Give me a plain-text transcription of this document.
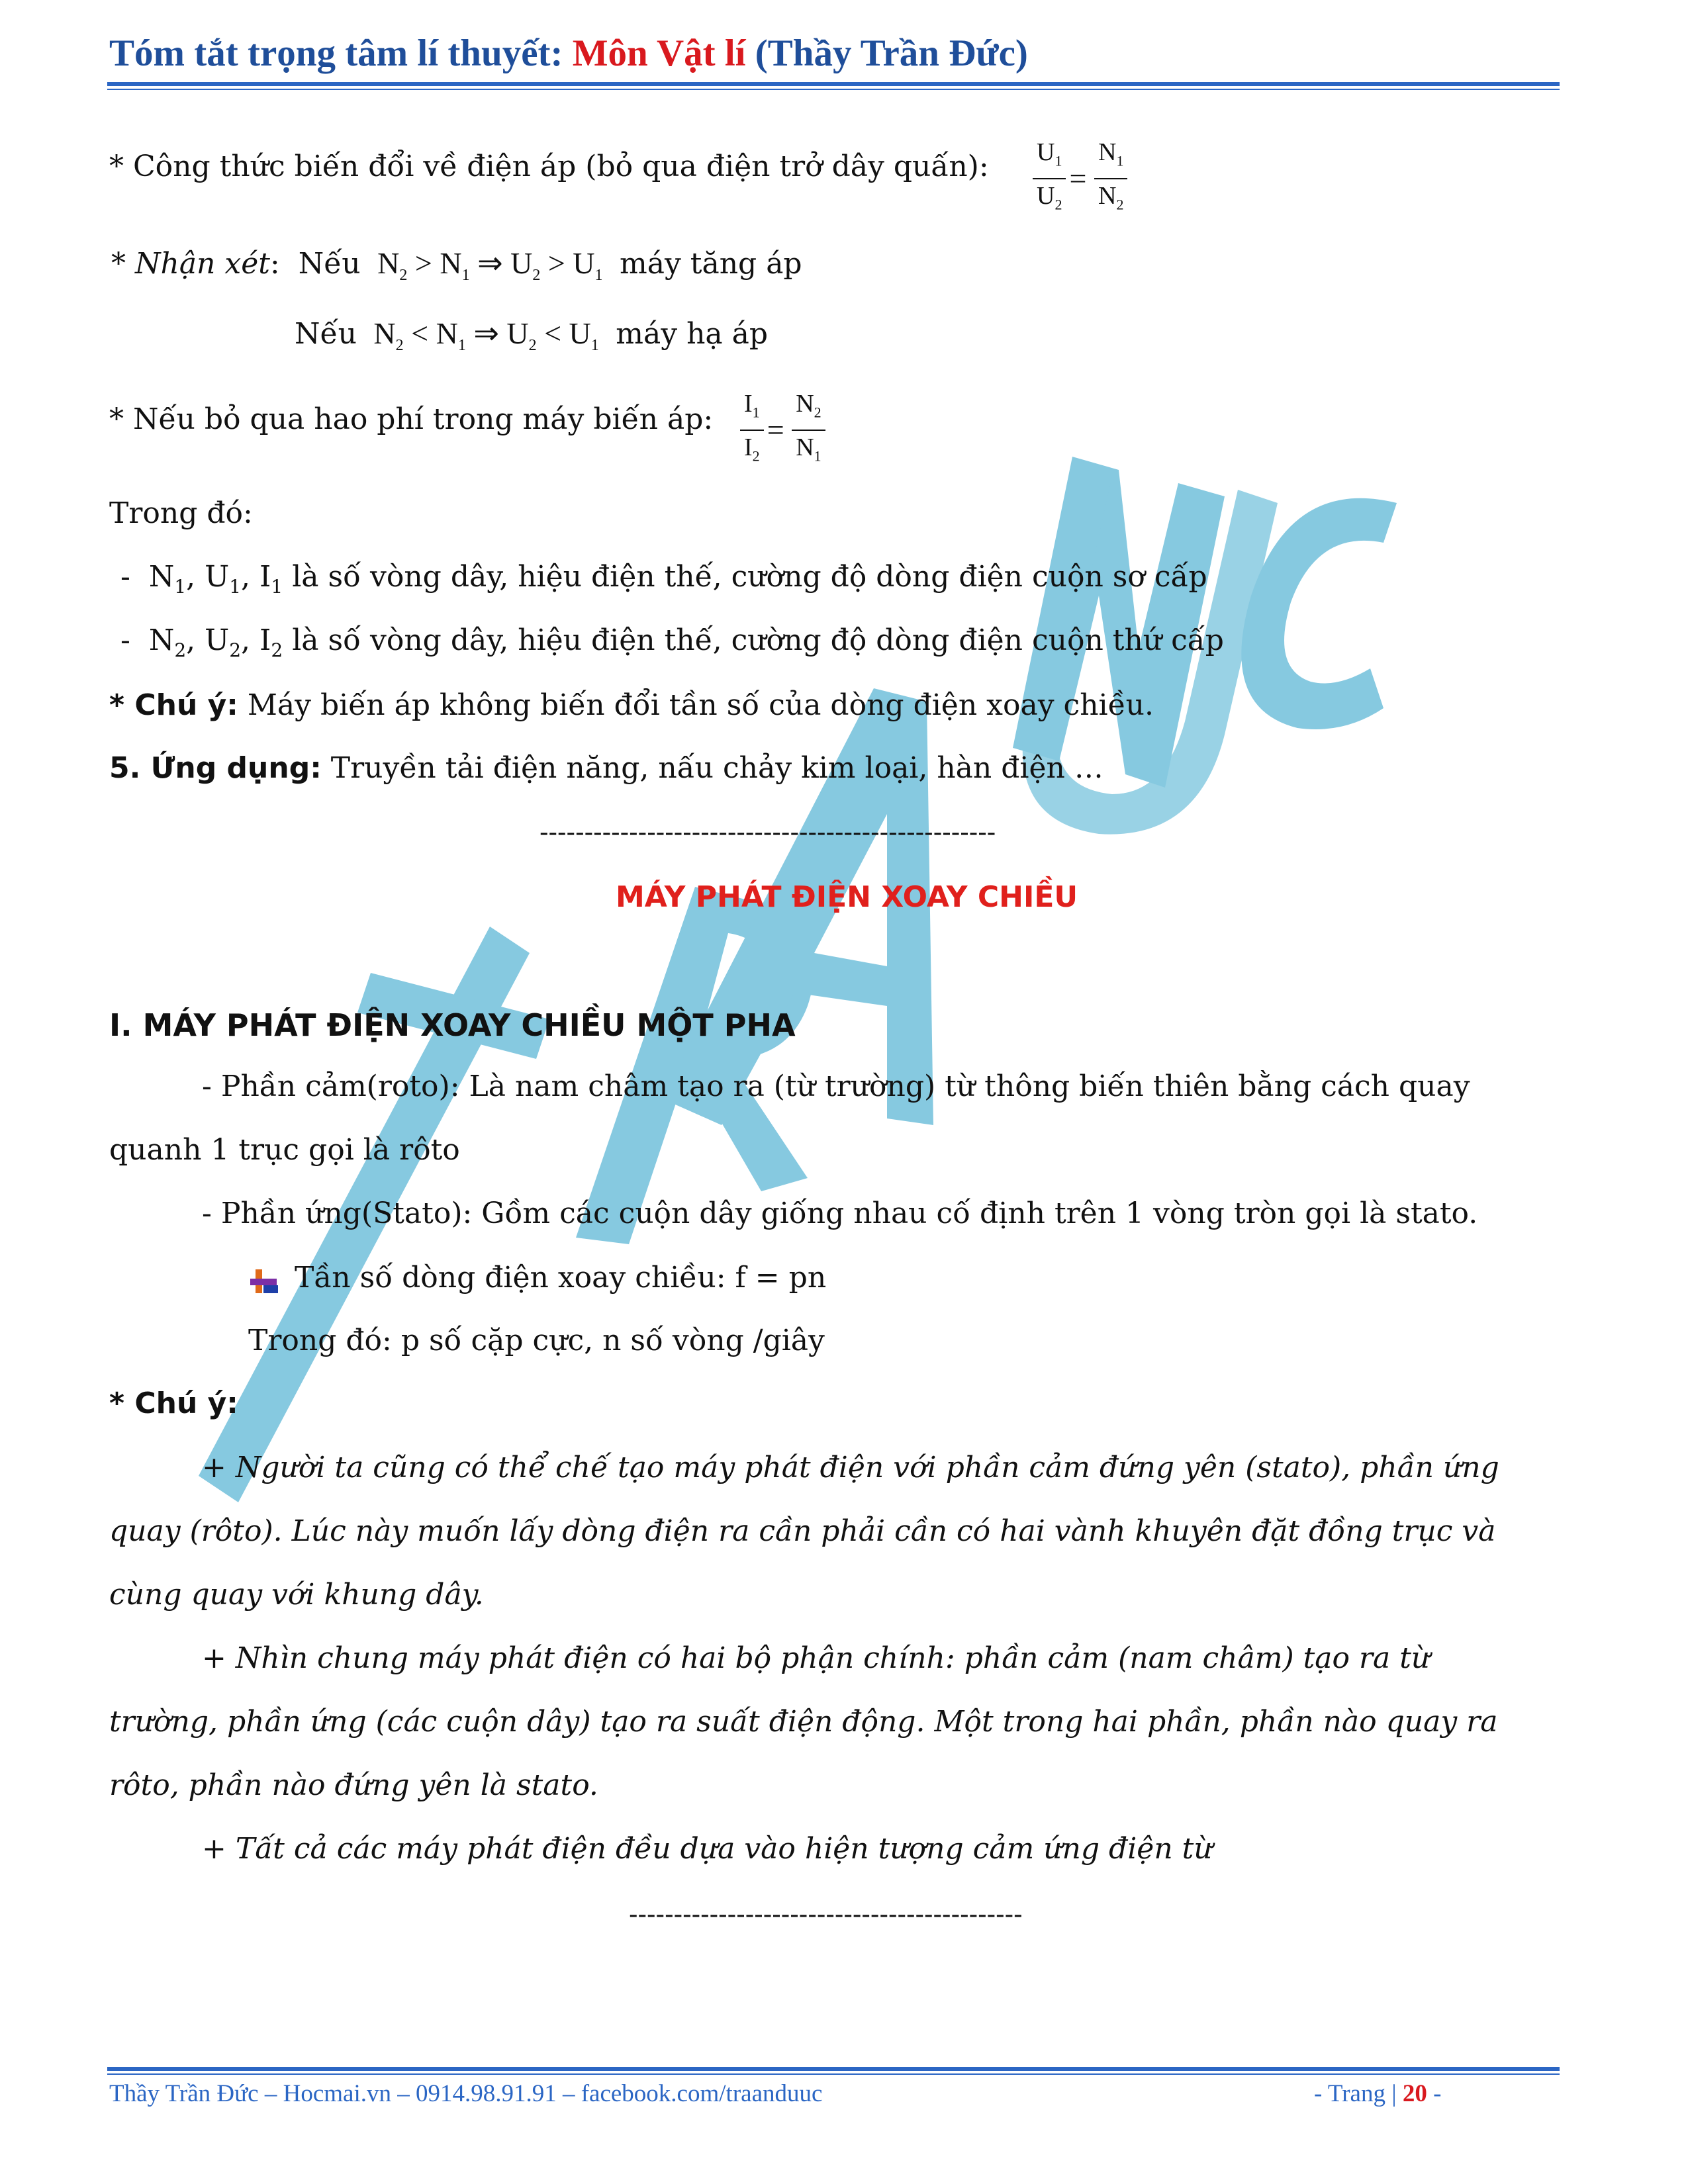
Tóm tắt trọng tâm lí thuyết: Môn Vật lí (Thầy Trần Đức)
* Công thức biến đổi về điện áp (bỏ qua điện trở dây quấn): $\frac{U_1}{U_2} = \frac{N_1}{N_2}$
* Nhận xét: Nếu  $N_2 > N_1$ ⇒ $U_2 > U_1$ máy tăng áp
Nếu  $N_2 < N_1$ ⇒ $U_2 < U_1$ máy hạ áp
* Nếu bỏ qua hao phí trong máy biến áp: $\frac{I_1}{I_2} = \frac{N_2}{N_1}$
Trong đó:
-  $N_1$, $U_1$, $I_1$ là số vòng dây, hiệu điện thế, cường độ dòng điện cuộn sơ cấp
-  $N_2$, $U_2$, $I_2$ là số vòng dây, hiệu điện thế, cường độ dòng điện cuộn thứ cấp
* Chú ý: Máy biến áp không biến đổi tần số của dòng điện xoay chiều.
5. Ứng dụng: Truyền tải điện năng, nấu chảy kim loại, hàn điện …
---------------------------------------------------
MÁY PHÁT ĐIỆN XOAY CHIỀU
I. MÁY PHÁT ĐIỆN XOAY CHIỀU MỘT PHA
- Phần cảm(roto): Là nam châm tạo ra (từ trường) từ thông biến thiên bằng cách quay
quanh 1 trục gọi là rôto
- Phần ứng(Stato): Gồm các cuộn dây giống nhau cố định trên 1 vòng tròn gọi là stato.
Tần số dòng điện xoay chiều: f = pn
Trong đó: p số cặp cực, n số vòng /giây
* Chú ý:
+ Người ta cũng có thể chế tạo máy phát điện với phần cảm đứng yên (stato), phần ứng
quay (rôto). Lúc này muốn lấy dòng điện ra cần phải cần có hai vành khuyên đặt đồng trục và
cùng quay với khung dây.
+ Nhìn chung máy phát điện có hai bộ phận chính: phần cảm (nam châm) tạo ra từ
trường, phần ứng (các cuộn dây) tạo ra suất điện động. Một trong hai phần, phần nào quay ra
rôto, phần nào đứng yên là stato.
+ Tất cả các máy phát điện đều dựa vào hiện tượng cảm ứng điện từ
--------------------------------------------
Thầy Trần Đức – Hocmai.vn – 0914.98.91.91 – facebook.com/traanduuc	- Trang | 20 -
